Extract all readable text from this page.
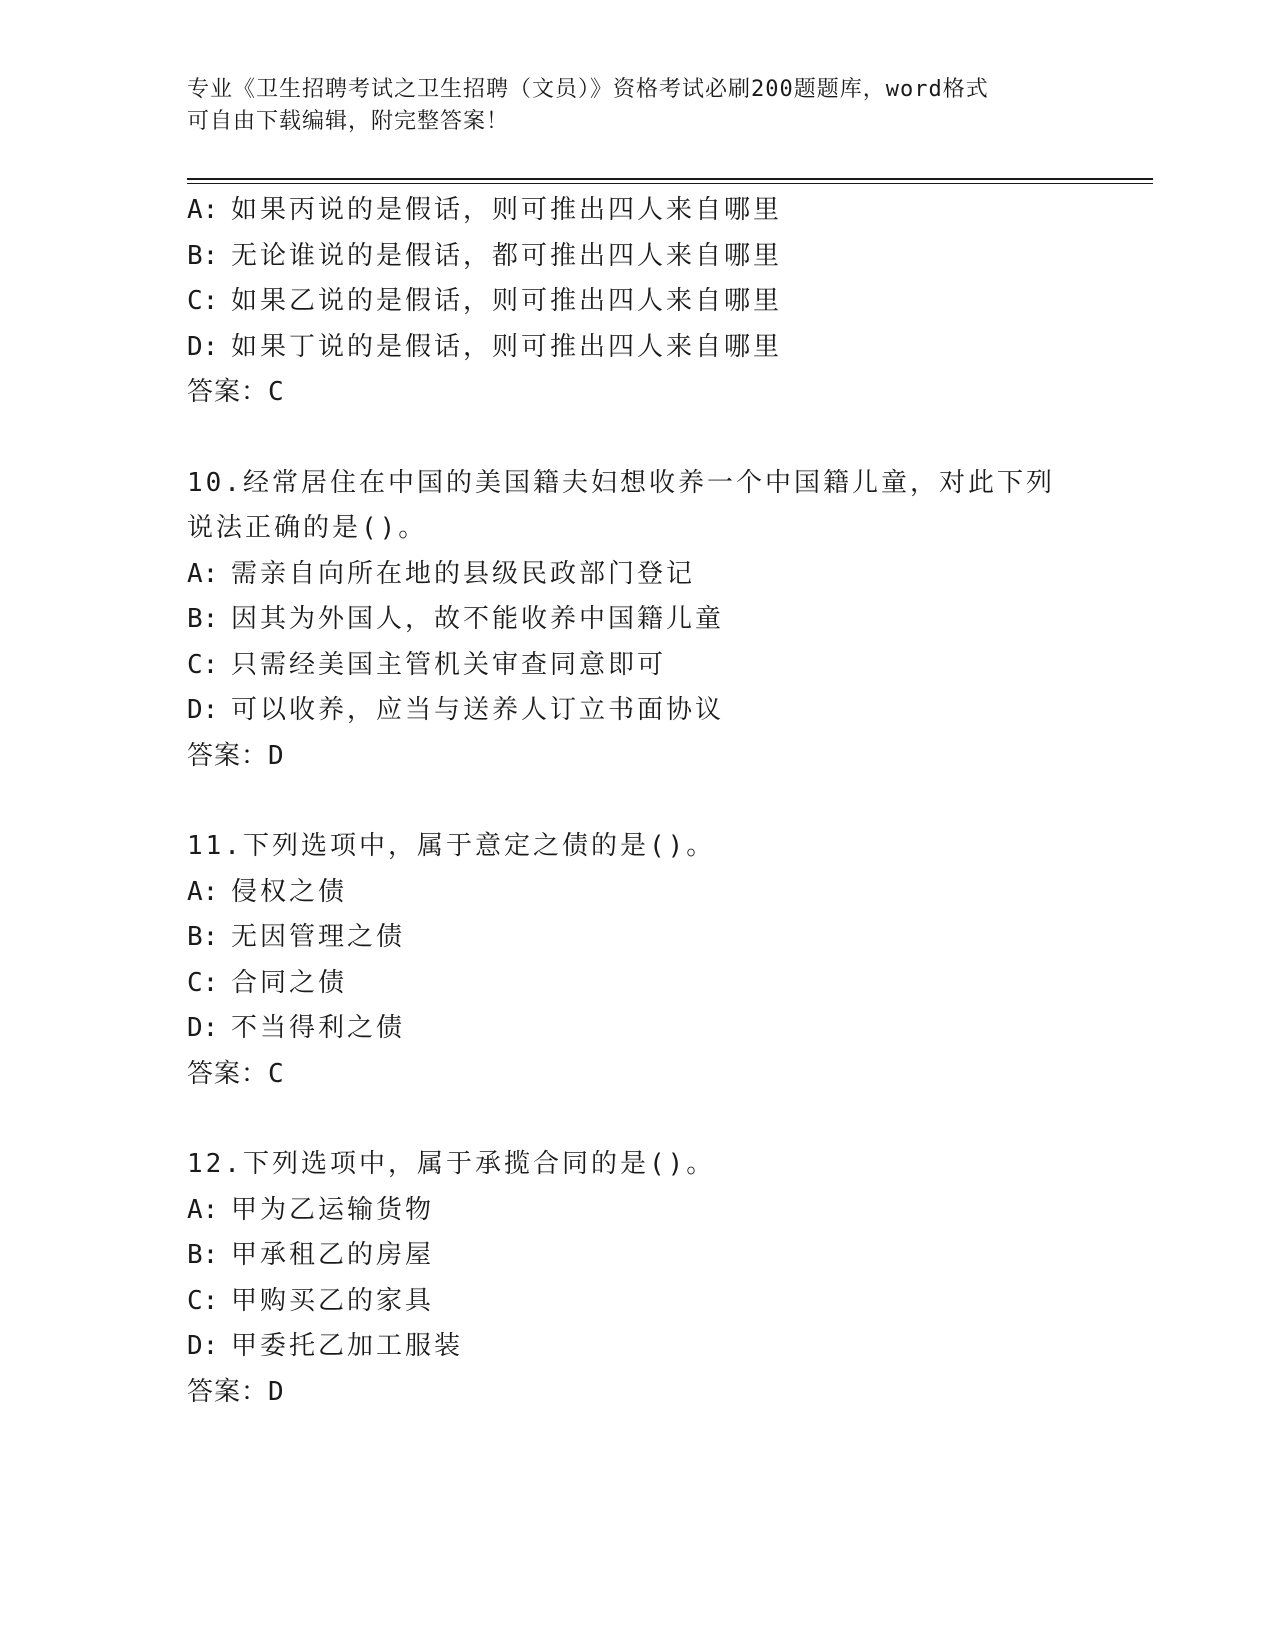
专业《卫生招聘考试之卫生招聘（文员）》资格考试必刷200题题库，word格式
可自由下载编辑，附完整答案！
A: 如果丙说的是假话，则可推出四人来自哪里
B: 无论谁说的是假话，都可推出四人来自哪里
C: 如果乙说的是假话，则可推出四人来自哪里
D: 如果丁说的是假话，则可推出四人来自哪里
答案：C
10.经常居住在中国的美国籍夫妇想收养一个中国籍儿童，对此下列说法正确的是()。
A: 需亲自向所在地的县级民政部门登记
B: 因其为外国人，故不能收养中国籍儿童
C: 只需经美国主管机关审查同意即可
D: 可以收养，应当与送养人订立书面协议
答案：D
11.下列选项中，属于意定之债的是()。
A: 侵权之债
B: 无因管理之债
C: 合同之债
D: 不当得利之债
答案：C
12.下列选项中，属于承揽合同的是()。
A: 甲为乙运输货物
B: 甲承租乙的房屋
C: 甲购买乙的家具
D: 甲委托乙加工服装
答案：D
